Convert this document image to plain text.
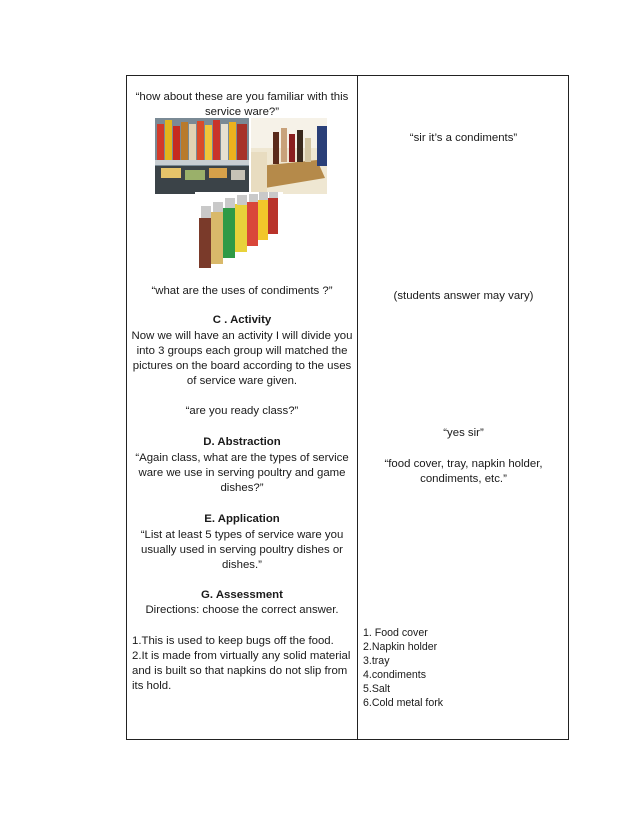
“how about these are you familiar with this service ware?”
“what are the uses of condiments ?”
C . Activity
Now we will have an activity I will divide you into 3 groups each group will matched the pictures on the board according to the uses of service ware given.
“are you ready class?”
D. Abstraction
“Again class, what are the types of service ware we use in serving poultry and game dishes?”
E. Application
“List at least 5 types of service ware you usually used in serving poultry dishes or dishes.”
G. Assessment
Directions: choose the correct answer.
1.This is used to keep bugs off the food.
2.It is made from virtually any solid material and is built so that napkins do not slip from its hold.
“sir it’s a condiments”
(students answer may vary)
“yes sir”
“food cover, tray, napkin holder, condiments, etc.”
1. Food cover
2.Napkin holder
3.tray
4.condiments
5.Salt
6.Cold metal fork
